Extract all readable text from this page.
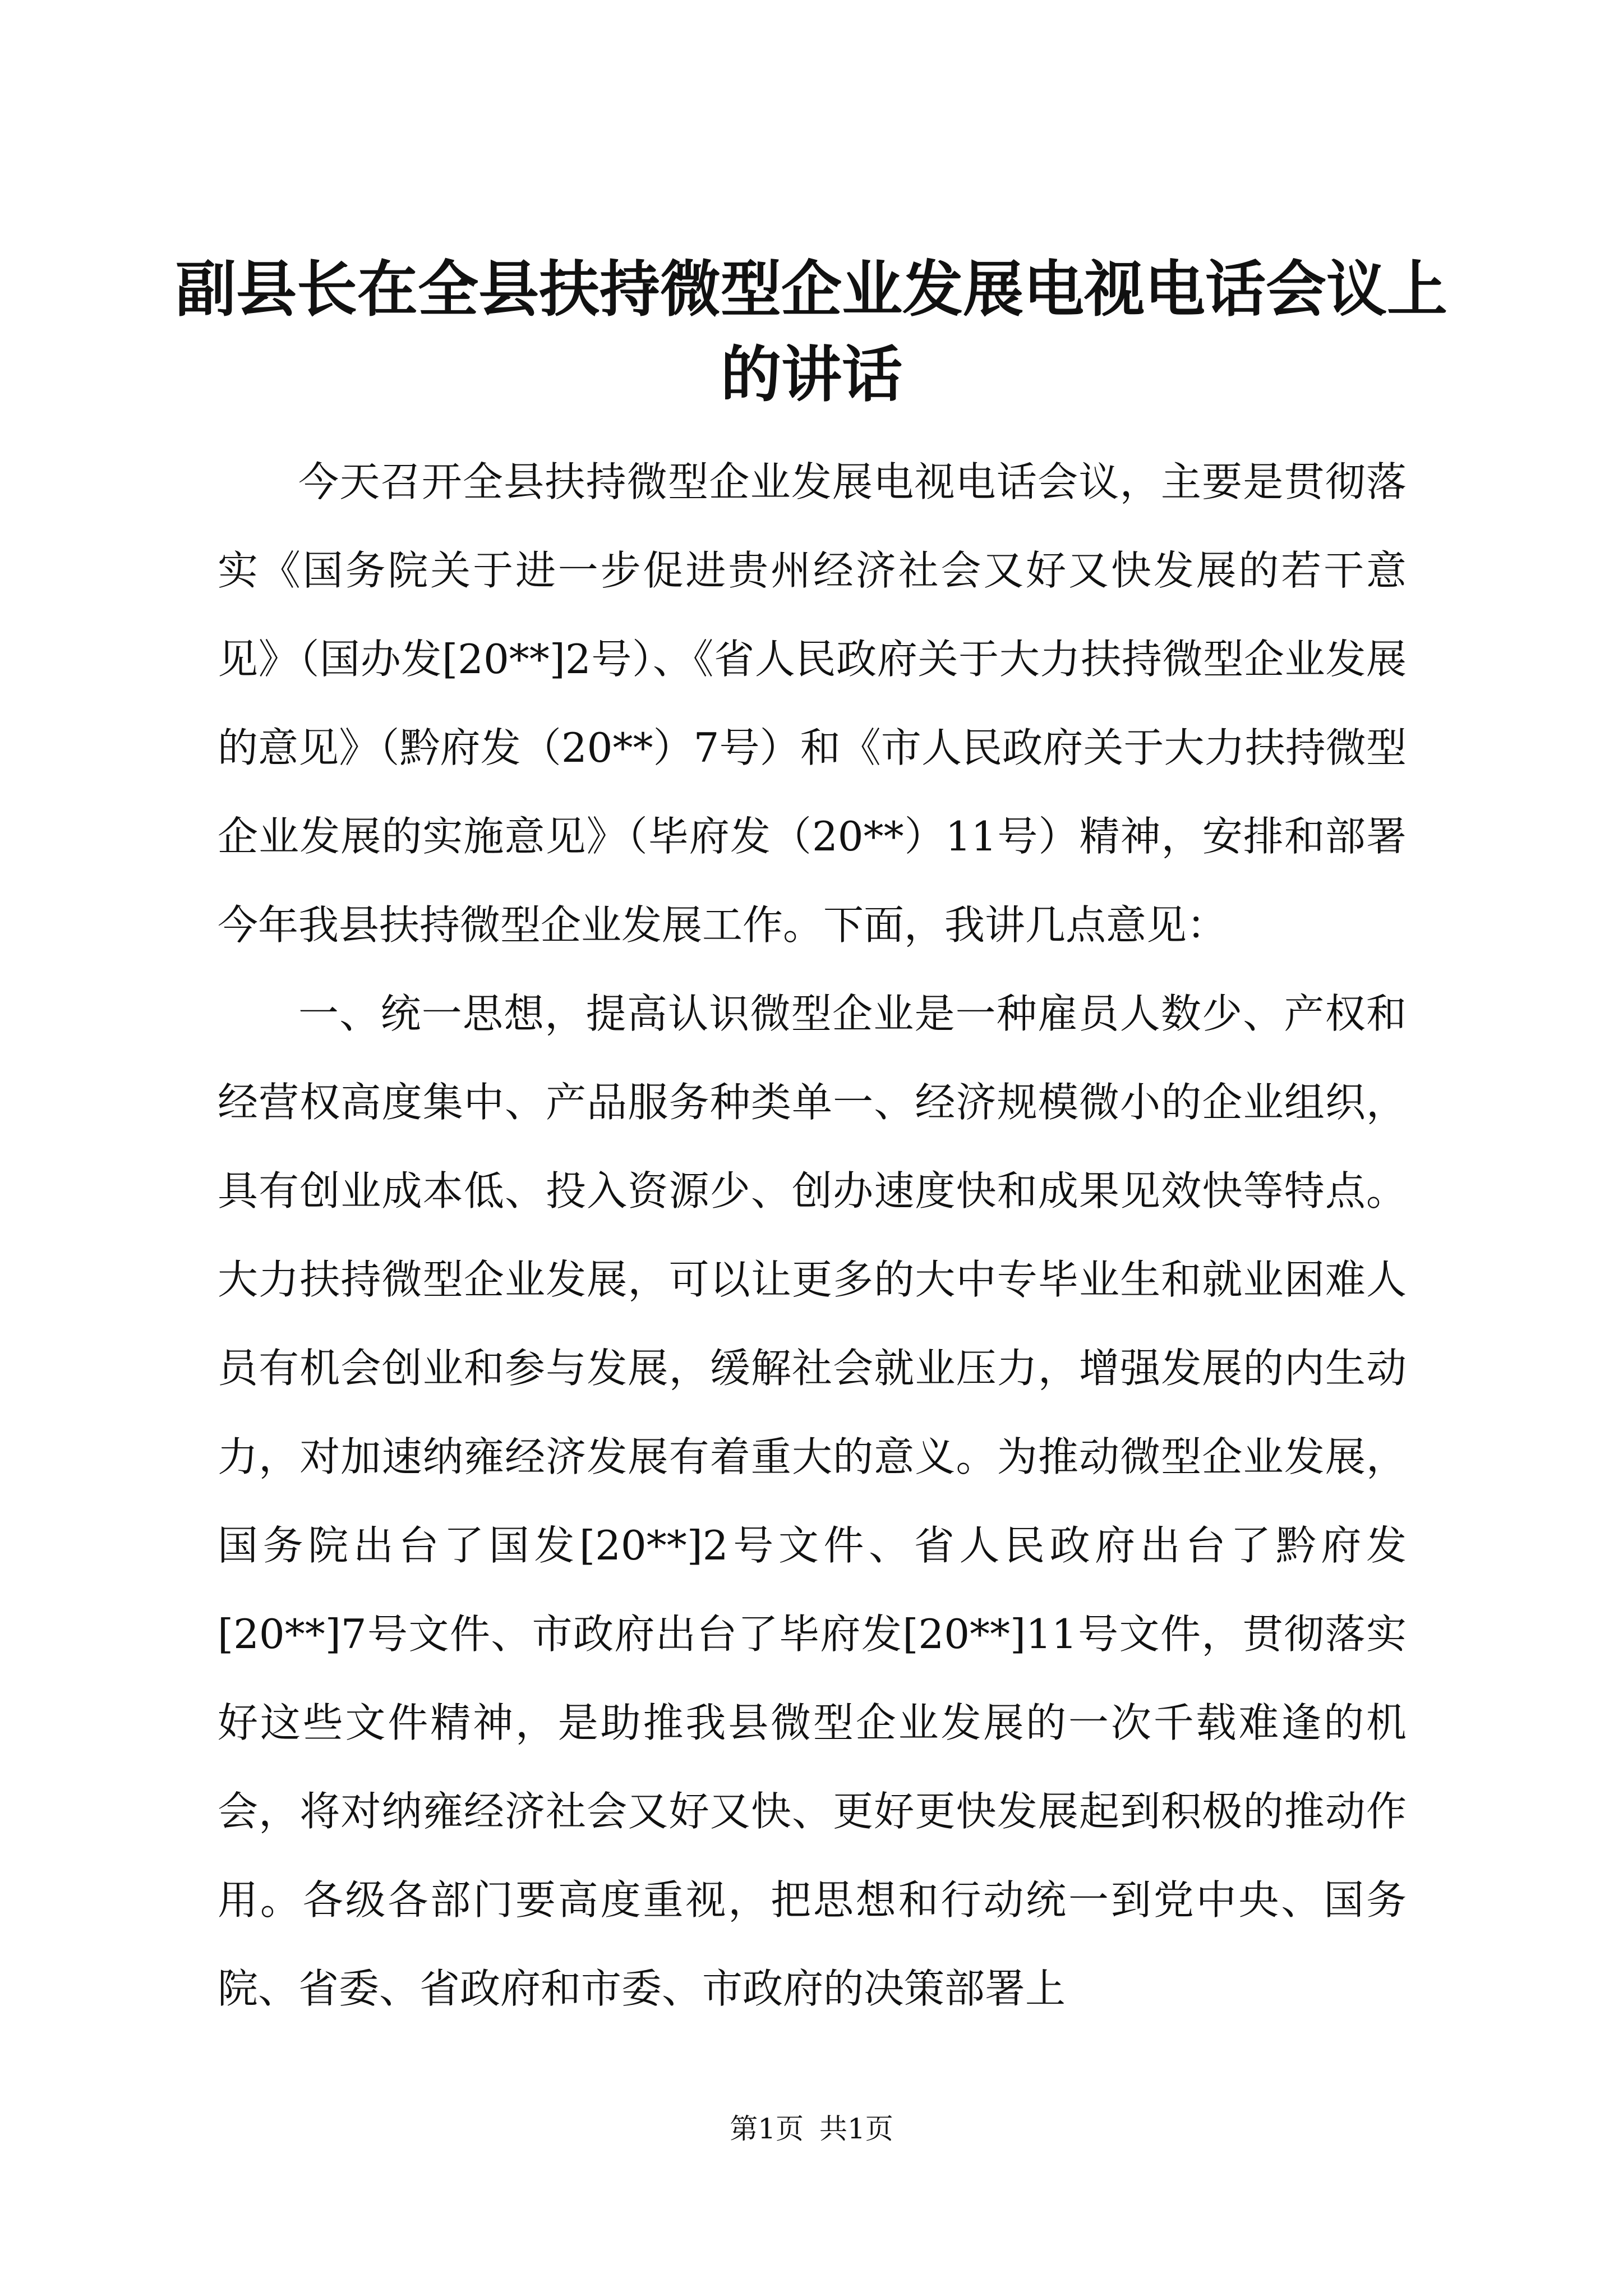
副县长在全县扶持微型企业发展电视电话会议上的讲话

今天召开全县扶持微型企业发展电视电话会议，主要是贯彻落实《国务院关于进一步促进贵州经济社会又好又快发展的若干意见》（国办发[20**]2号）、《省人民政府关于大力扶持微型企业发展的意见》（黔府发（20**）7号）和《市人民政府关于大力扶持微型企业发展的实施意见》（毕府发（20**）11号）精神，安排和部署今年我县扶持微型企业发展工作。下面，我讲几点意见：

一、统一思想，提高认识微型企业是一种雇员人数少、产权和经营权高度集中、产品服务种类单一、经济规模微小的企业组织，具有创业成本低、投入资源少、创办速度快和成果见效快等特点。大力扶持微型企业发展，可以让更多的大中专毕业生和就业困难人员有机会创业和参与发展，缓解社会就业压力，增强发展的内生动力，对加速纳雍经济发展有着重大的意义。为推动微型企业发展，国务院出台了国发[20**]2号文件、省人民政府出台了黔府发[20**]7号文件、市政府出台了毕府发[20**]11号文件，贯彻落实好这些文件精神，是助推我县微型企业发展的一次千载难逢的机会，将对纳雍经济社会又好又快、更好更快发展起到积极的推动作用。各级各部门要高度重视，把思想和行动统一到党中央、国务院、省委、省政府和市委、市政府的决策部署上

第1页 共1页
